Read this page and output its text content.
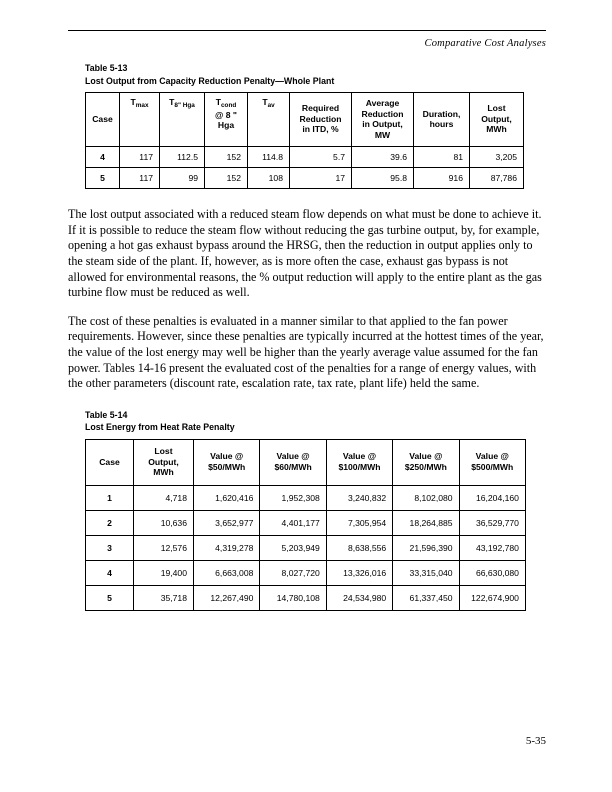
Comparative Cost Analyses
Table 5-13
Lost Output from Capacity Reduction Penalty—Whole Plant
Case	$T_{max}$	$T_{8" Hga}$	$T_{cond}$
@ 8 "
Hga	$T_{av}$	Required
Reduction
in ITD, %	Average
Reduction
in Output,
MW	Duration,
hours	Lost
Output,
MWh

4	117	112.5	152	114.8	5.7	39.6	81	3,205
5	117	99	152	108	17	95.8	916	87,786

The lost output associated with a reduced steam flow depends on what must be done to achieve it. If it is possible to reduce the steam flow without reducing the gas turbine output, by, for example, opening a hot gas exhaust bypass around the HRSG, then the reduction in output applies only to the steam side of the plant. If, however, as is more often the case, exhaust gas bypass is not allowed for environmental reasons, the % output reduction will apply to the entire plant as the gas turbine flow must be reduced as well.

The cost of these penalties is evaluated in a manner similar to that applied to the fan power requirements. However, since these penalties are typically incurred at the hottest times of the year, the value of the lost energy may well be higher than the yearly average value assumed for the fan power. Tables 14-16 present the evaluated cost of the penalties for a range of energy values, with the other parameters (discount rate, escalation rate, tax rate, plant life) held the same.

Table 5-14
Lost Energy from Heat Rate Penalty
Case	Lost
Output,
MWh	Value @
$50/MWh	Value @
$60/MWh	Value @
$100/MWh	Value @
$250/MWh	Value @
$500/MWh

1	4,718	1,620,416	1,952,308	3,240,832	8,102,080	16,204,160
2	10,636	3,652,977	4,401,177	7,305,954	18,264,885	36,529,770
3	12,576	4,319,278	5,203,949	8,638,556	21,596,390	43,192,780
4	19,400	6,663,008	8,027,720	13,326,016	33,315,040	66,630,080
5	35,718	12,267,490	14,780,108	24,534,980	61,337,450	122,674,900
5-35
